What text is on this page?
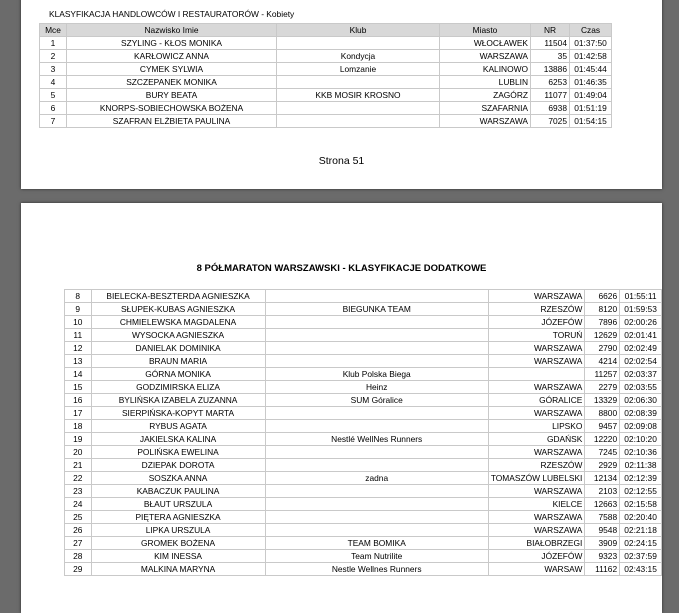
KLASYFIKACJA HANDLOWCÓW I RESTAURATORÓW - Kobiety
Mce	Nazwisko Imie	Klub	Miasto	NR	Czas
1	SZYLING - KŁOS MONIKA		WŁOCŁAWEK	11504	01:37:50
2	KARŁOWICZ ANNA	Kondycja	WARSZAWA	35	01:42:58
3	CYMEK SYLWIA	Lomzanie	KALINOWO	13886	01:45:44
4	SZCZEPANEK MONIKA		LUBLIN	6253	01:46:35
5	BURY BEATA	KKB MOSIR KROSNO	ZAGÓRZ	11077	01:49:04
6	KNORPS-SOBIECHOWSKA BOŻENA		SZAFARNIA	6938	01:51:19
7	SZAFRAN ELŻBIETA PAULINA		WARSZAWA	7025	01:54:15
Strona 51
8 PÓŁMARATON WARSZAWSKI - KLASYFIKACJE DODATKOWE
8	BIELECKA-BESZTERDA AGNIESZKA		WARSZAWA	6626	01:55:11
9	SŁUPEK-KUBAS AGNIESZKA	BIEGUNKA TEAM	RZESZÓW	8120	01:59:53
10	CHMIELEWSKA MAGDALENA		JÓZEFÓW	7896	02:00:26
11	WYSOCKA AGNIESZKA		TORUŃ	12629	02:01:41
12	DANIELAK DOMINIKA		WARSZAWA	2790	02:02:49
13	BRAUN MARIA		WARSZAWA	4214	02:02:54
14	GÓRNA MONIKA	Klub Polska Biega		11257	02:03:37
15	GODZIMIRSKA ELIZA	Heinz	WARSZAWA	2279	02:03:55
16	BYLIŃSKA IZABELA ZUZANNA	SUM Góralice	GÓRALICE	13329	02:06:30
17	SIERPIŃSKA-KOPYT MARTA		WARSZAWA	8800	02:08:39
18	RYBUS AGATA		LIPSKO	9457	02:09:08
19	JAKIELSKA KALINA	Nestlé WellNes Runners	GDAŃSK	12220	02:10:20
20	POLIŃSKA EWELINA		WARSZAWA	7245	02:10:36
21	DZIEPAK DOROTA		RZESZÓW	2929	02:11:38
22	SOSZKA ANNA	zadna	TOMASZÓW LUBELSKI	12134	02:12:39
23	KABACZUK PAULINA		WARSZAWA	2103	02:12:55
24	BŁAUT URSZULA		KIELCE	12663	02:15:58
25	PIĘTERA AGNIESZKA		WARSZAWA	7588	02:20:40
26	LIPKA URSZULA		WARSZAWA	9548	02:21:18
27	GROMEK BOŻENA	TEAM BOMIKA	BIAŁOBRZEGI	3909	02:24:15
28	KIM INESSA	Team Nutrilite	JÓZEFÓW	9323	02:37:59
29	MALKINA MARYNA	Nestle Wellnes Runners	WARSAW	11162	02:43:15
